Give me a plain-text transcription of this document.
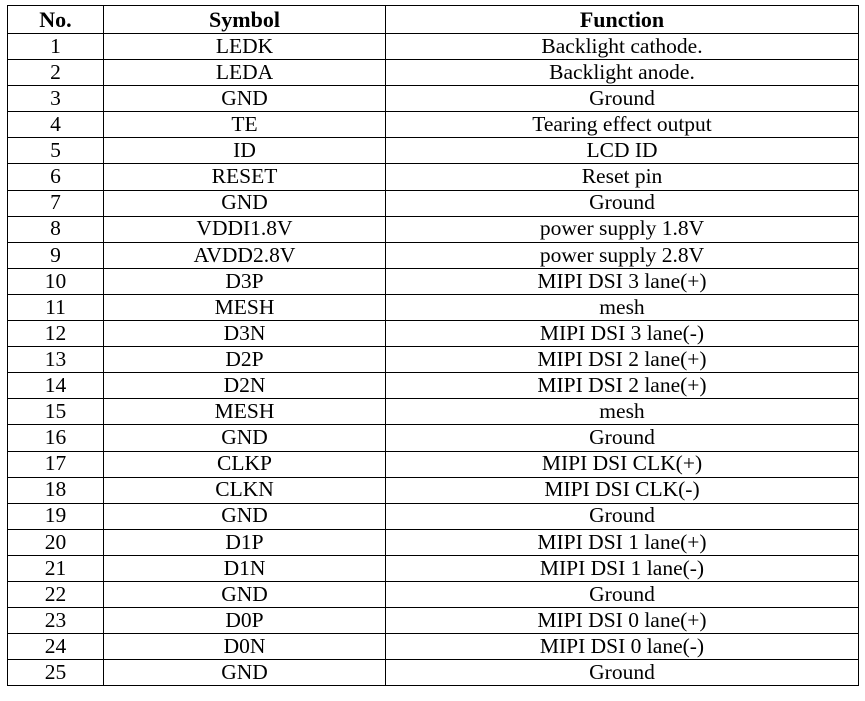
No.	Symbol	Function
1	LEDK	Backlight cathode.
2	LEDA	Backlight anode.
3	GND	Ground
4	TE	Tearing effect output
5	ID	LCD ID
6	RESET	Reset pin
7	GND	Ground
8	VDDI1.8V	power supply 1.8V
9	AVDD2.8V	power supply 2.8V
10	D3P	MIPI DSI 3 lane(+)
11	MESH	mesh
12	D3N	MIPI DSI 3 lane(-)
13	D2P	MIPI DSI 2 lane(+)
14	D2N	MIPI DSI 2 lane(+)
15	MESH	mesh
16	GND	Ground
17	CLKP	MIPI DSI CLK(+)
18	CLKN	MIPI DSI CLK(-)
19	GND	Ground
20	D1P	MIPI DSI 1 lane(+)
21	D1N	MIPI DSI 1 lane(-)
22	GND	Ground
23	D0P	MIPI DSI 0 lane(+)
24	D0N	MIPI DSI 0 lane(-)
25	GND	Ground
